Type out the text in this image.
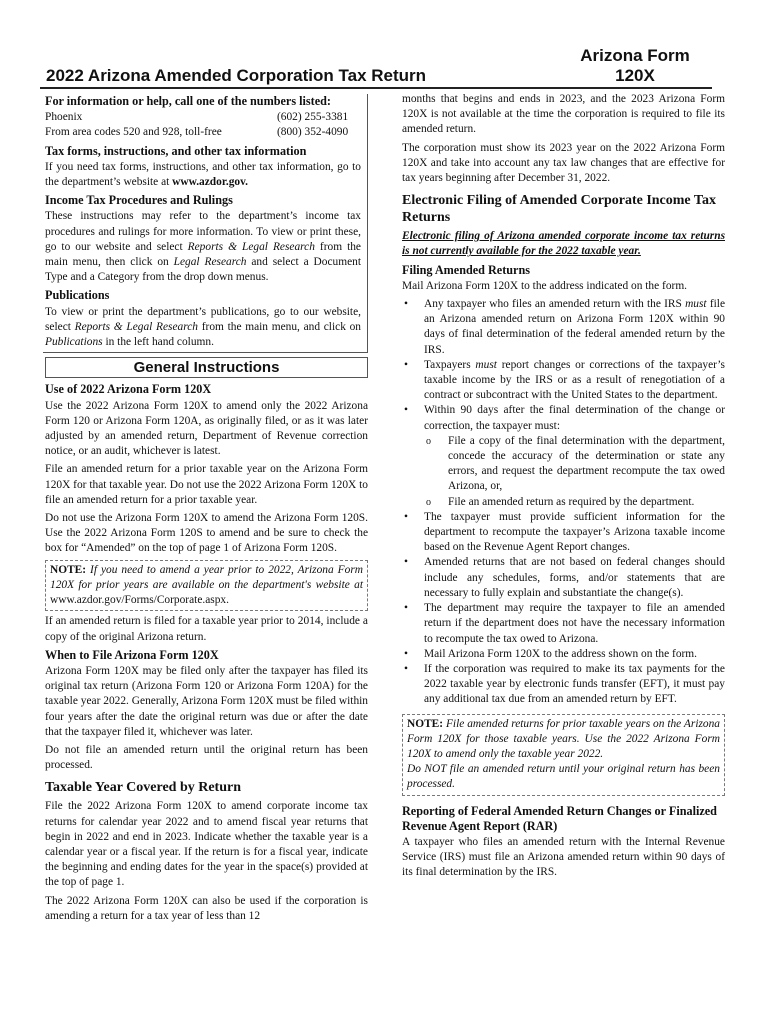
Arizona Form
120X
2022 Arizona Amended Corporation Tax Return
For information or help, call one of the numbers listed:
Phoenix	(602) 255-3381
From area codes 520 and 928, toll-free	(800) 352-4090
Tax forms, instructions, and other tax information

If you need tax forms, instructions, and other tax information, go to the department’s website at www.azdor.gov.

Income Tax Procedures and Rulings

These instructions may refer to the department’s income tax procedures and rulings for more information. To view or print these, go to our website and select Reports & Legal Research from the main menu, then click on Legal Research and select a Document Type and a Category from the drop down menus.

Publications

To view or print the department’s publications, go to our website, select Reports & Legal Research from the main menu, and click on Publications in the left hand column.

General Instructions
Use of 2022 Arizona Form 120X

Use the 2022 Arizona Form 120X to amend only the 2022 Arizona Form 120 or Arizona Form 120A, as originally filed, or as it was later adjusted by an amended return, Department of Revenue correction notice, or an audit, whichever is latest.

File an amended return for a prior taxable year on the Arizona Form 120X for that taxable year. Do not use the 2022 Arizona Form 120X to file an amended return for a prior taxable year.

Do not use the Arizona Form 120X to amend the Arizona Form 120S. Use the 2022 Arizona Form 120S to amend and be sure to check the box for “Amended” on the top of page 1 of Arizona Form 120S.

NOTE: If you need to amend a year prior to 2022, Arizona Form 120X for prior years are available on the department's website at www.azdor.gov/Forms/Corporate.aspx.

If an amended return is filed for a taxable year prior to 2014, include a copy of the original Arizona return.

When to File Arizona Form 120X

Arizona Form 120X may be filed only after the taxpayer has filed its original tax return (Arizona Form 120 or Arizona Form 120A) for the taxable year 2022. Generally, Arizona Form 120X must be filed within four years after the date the original return was due or after the date that the taxpayer filed it, whichever was later.

Do not file an amended return until the original return has been processed.

Taxable Year Covered by Return

File the 2022 Arizona Form 120X to amend corporate income tax returns for calendar year 2022 and to amend fiscal year returns that begin in 2022 and end in 2023. Indicate whether the taxable year is a calendar year or a fiscal year. If the return is for a fiscal year, indicate the beginning and ending dates for the year in the space(s) provided at the top of page 1.

The 2022 Arizona Form 120X can also be used if the corporation is amending a return for a tax year of less than 12

months that begins and ends in 2023, and the 2023 Arizona Form 120X is not available at the time the corporation is required to file its amended return.

The corporation must show its 2023 year on the 2022 Arizona Form 120X and take into account any tax law changes that are effective for tax years beginning after December 31, 2022.

Electronic Filing of Amended Corporate Income Tax Returns

Electronic filing of Arizona amended corporate income tax returns is not currently available for the 2022 taxable year.

Filing Amended Returns

Mail Arizona Form 120X to the address indicated on the form.

• Any taxpayer who files an amended return with the IRS must file an Arizona amended return on Arizona Form 120X within 90 days of final determination of the federal amended return by the IRS.
• Taxpayers must report changes or corrections of the taxpayer’s taxable income by the IRS or as a result of renegotiation of a contract or subcontract with the United States to the department.
• Within 90 days after the final determination of the change or correction, the taxpayer must:
o File a copy of the final determination with the department, concede the accuracy of the determination or state any errors, and request the department recompute the tax owed Arizona, or,
o File an amended return as required by the department.
• The taxpayer must provide sufficient information for the department to recompute the taxpayer’s Arizona taxable income based on the Revenue Agent Report changes.
• Amended returns that are not based on federal changes should include any schedules, forms, and/or statements that are necessary to fully explain and substantiate the change(s).
• The department may require the taxpayer to file an amended return if the department does not have the necessary information to recompute the tax owed to Arizona.
• Mail Arizona Form 120X to the address shown on the form.
• If the corporation was required to make its tax payments for the 2022 taxable year by electronic funds transfer (EFT), it must pay any additional tax due from an amended return by EFT.

NOTE: File amended returns for prior taxable years on the Arizona Form 120X for those taxable years. Use the 2022 Arizona Form 120X to amend only the taxable year 2022.

Do NOT file an amended return until your original return has been processed.

Reporting of Federal Amended Return Changes or Finalized Revenue Agent Report (RAR)

A taxpayer who files an amended return with the Internal Revenue Service (IRS) must file an Arizona amended return within 90 days of its final determination by the IRS.
